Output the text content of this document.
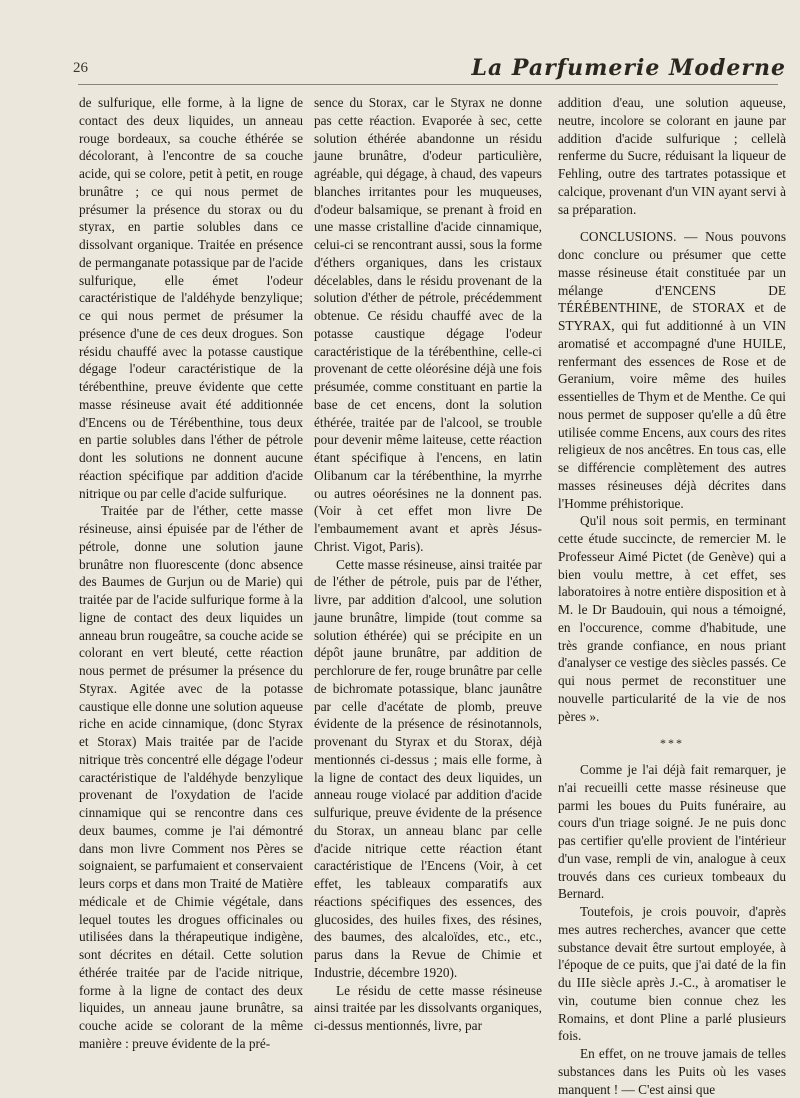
26	La Parfumerie Moderne

de sulfurique, elle forme, à la ligne de contact des deux liquides, un anneau rouge bordeaux, sa couche éthérée se décolorant, à l'encontre de sa couche acide, qui se colore, petit à petit, en rouge brunâtre ; ce qui nous permet de présumer la présence du storax ou du styrax, en partie solubles dans ce dissolvant organique. Traitée en présence de permanganate potassique par de l'acide sulfurique, elle émet l'odeur caractéristique de l'aldéhyde benzylique; ce qui nous permet de présumer la présence d'une de ces deux drogues. Son résidu chauffé avec la potasse caustique dégage l'odeur caractéristique de la térébenthine, preuve évidente que cette masse résineuse avait été additionnée d'Encens ou de Térébenthine, tous deux en partie solubles dans l'éther de pétrole dont les solutions ne donnent aucune réaction spécifique par addition d'acide nitrique ou par celle d'acide sulfurique.

Traitée par de l'éther, cette masse résineuse, ainsi épuisée par de l'éther de pétrole, donne une solution jaune brunâtre non fluorescente (donc absence des Baumes de Gurjun ou de Marie) qui traitée par de l'acide sulfurique forme à la ligne de contact des deux liquides un anneau brun rougeâtre, sa couche acide se colorant en vert bleuté, cette réaction nous permet de présumer la présence du Styrax. Agitée avec de la potasse caustique elle donne une solution aqueuse riche en acide cinnamique, (donc Styrax et Storax) Mais traitée par de l'acide nitrique très concentré elle dégage l'odeur caractéristique de l'aldéhyde benzylique provenant de l'oxydation de l'acide cinnamique qui se rencontre dans ces deux baumes, comme je l'ai démontré dans mon livre Comment nos Pères se soignaient, se parfumaient et conservaient leurs corps et dans mon Traité de Matière médicale et de Chimie végétale, dans lequel toutes les drogues officinales ou utilisées dans la thérapeutique indigène, sont décrites en détail. Cette solution éthérée traitée par de l'acide nitrique, forme à la ligne de contact des deux liquides, un anneau jaune brunâtre, sa couche acide se colorant de la même manière : preuve évidente de la pré-

sence du Storax, car le Styrax ne donne pas cette réaction. Evaporée à sec, cette solution éthérée abandonne un résidu jaune brunâtre, d'odeur particulière, agréable, qui dégage, à chaud, des vapeurs blanches irritantes pour les muqueuses, d'odeur balsamique, se prenant à froid en une masse cristalline d'acide cinnamique, celui-ci se rencontrant aussi, sous la forme d'éthers organiques, dans les cristaux décelables, dans le résidu provenant de la solution d'éther de pétrole, précédemment obtenue. Ce résidu chauffé avec de la potasse caustique dégage l'odeur caractéristique de la térébenthine, celle-ci provenant de cette oléorésine déjà une fois présumée, comme constituant en partie la base de cet encens, dont la solution éthérée, traitée par de l'alcool, se trouble pour devenir même laiteuse, cette réaction étant spécifique à l'encens, en latin Olibanum car la térébenthine, la myrrhe ou autres oéorésines ne la donnent pas. (Voir à cet effet mon livre De l'embaumement avant et après Jésus-Christ. Vigot, Paris).

Cette masse résineuse, ainsi traitée par de l'éther de pétrole, puis par de l'éther, livre, par addition d'alcool, une solution jaune brunâtre, limpide (tout comme sa solution éthérée) qui se précipite en un dépôt jaune brunâtre, par addition de perchlorure de fer, rouge brunâtre par celle de bichromate potassique, blanc jaunâtre par celle d'acétate de plomb, preuve évidente de la présence de résinotannols, provenant du Styrax et du Storax, déjà mentionnés ci-dessus ; mais elle forme, à la ligne de contact des deux liquides, un anneau rouge violacé par addition d'acide sulfurique, preuve évidente de la présence du Storax, un anneau blanc par celle d'acide nitrique cette réaction étant caractéristique de l'Encens (Voir, à cet effet, les tableaux comparatifs aux réactions spécifiques des essences, des glucosides, des huiles fixes, des résines, des baumes, des alcaloïdes, etc., etc., parus dans la Revue de Chimie et Industrie, décembre 1920).

Le résidu de cette masse résineuse ainsi traitée par les dissolvants organiques, ci-dessus mentionnés, livre, par

addition d'eau, une solution aqueuse, neutre, incolore se colorant en jaune par addition d'acide sulfurique ; cellelà renferme du Sucre, réduisant la liqueur de Fehling, outre des tartrates potassique et calcique, provenant d'un VIN ayant servi à sa préparation.

CONCLUSIONS. — Nous pouvons donc conclure ou présumer que cette masse résineuse était constituée par un mélange d'ENCENS DE TÉRÉBENTHINE, de STORAX et de STYRAX, qui fut additionné à un VIN aromatisé et accompagné d'une HUILE, renfermant des essences de Rose et de Geranium, voire même des huiles essentielles de Thym et de Menthe. Ce qui nous permet de supposer qu'elle a dû être utilisée comme Encens, aux cours des rites religieux de nos ancêtres. En tous cas, elle se différencie complètement des autres masses résineuses déjà décrites dans l'Homme préhistorique.

Qu'il nous soit permis, en terminant cette étude succincte, de remercier M. le Professeur Aimé Pictet (de Genève) qui a bien voulu mettre, à cet effet, ses laboratoires à notre entière disposition et à M. le Dr Baudouin, qui nous a témoigné, en l'occurence, comme d'habitude, une très grande confiance, en nous priant d'analyser ce vestige des siècles passés. Ce qui nous permet de reconstituer une nouvelle particularité de la vie de nos pères ».

***

Comme je l'ai déjà fait remarquer, je n'ai recueilli cette masse résineuse que parmi les boues du Puits funéraire, au cours d'un triage soigné. Je ne puis donc pas certifier qu'elle provient de l'intérieur d'un vase, rempli de vin, analogue à ceux trouvés dans ces curieux tombeaux du Bernard.

Toutefois, je crois pouvoir, d'après mes autres recherches, avancer que cette substance devait être surtout employée, à l'époque de ce puits, que j'ai daté de la fin du IIIe siècle après J.-C., à aromatiser le vin, coutume bien connue chez les Romains, et dont Pline a parlé plusieurs fois.

En effet, on ne trouve jamais de telles substances dans les Puits où les vases manquent ! — C'est ainsi que
